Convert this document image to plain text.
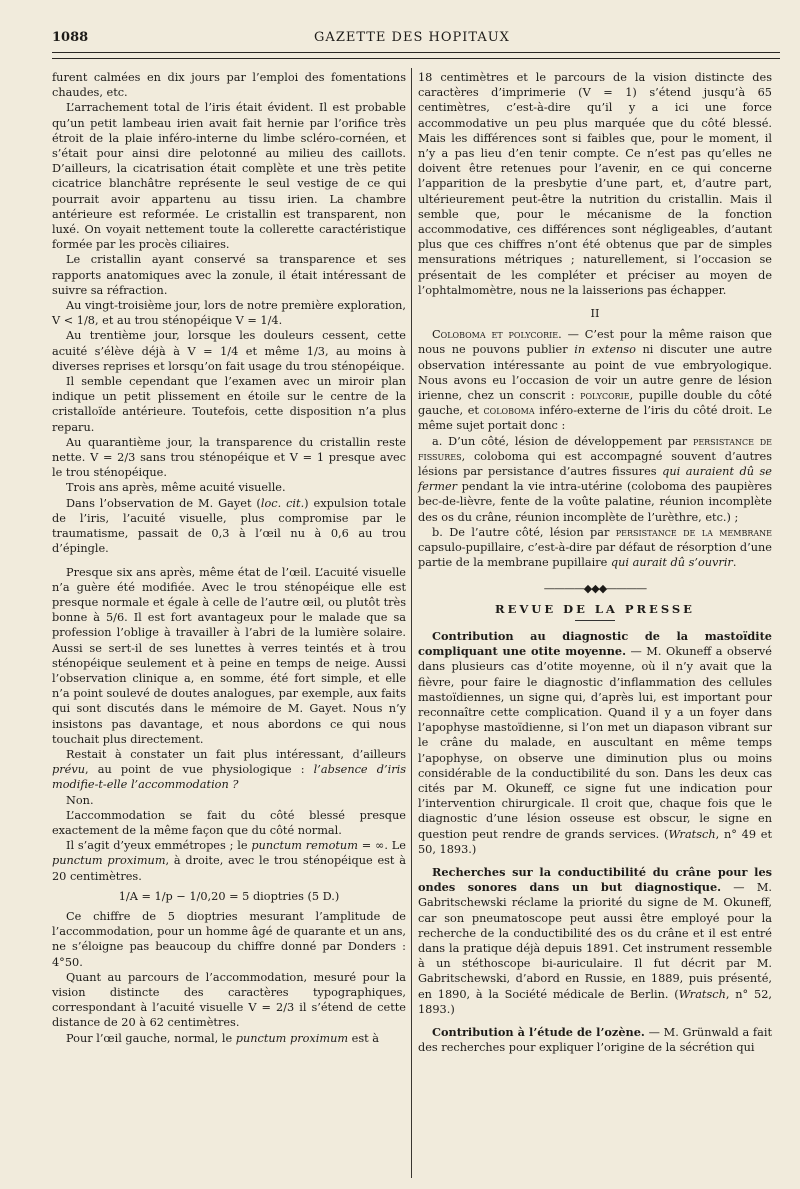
1088	GAZETTE DES HOPITAUX

furent calmées en dix jours par l’emploi des fomentations chaudes, etc.

L’arrachement total de l’iris était évident. Il est probable qu’un petit lambeau irien avait fait hernie par l’orifice très étroit de la plaie inféro-interne du limbe scléro-cornéen, et s’était pour ainsi dire pelotonné au milieu des caillots. D’ailleurs, la cicatrisation était complète et une très petite cicatrice blanchâtre représente le seul vestige de ce qui pourrait avoir appartenu au tissu irien. La chambre antérieure est reformée. Le cristallin est transparent, non luxé. On voyait nettement toute la collerette caractéristique formée par les procès ciliaires.

Le cristallin ayant conservé sa transparence et ses rapports anatomiques avec la zonule, il était intéressant de suivre sa réfraction.

Au vingt-troisième jour, lors de notre première exploration, V < 1/8, et au trou sténopéique V = 1/4.

Au trentième jour, lorsque les douleurs cessent, cette acuité s’élève déjà à V = 1/4 et même 1/3, au moins à diverses reprises et lorsqu’on fait usage du trou sténopéique.

Il semble cependant que l’examen avec un miroir plan indique un petit plissement en étoile sur le centre de la cristalloïde antérieure. Toutefois, cette disposition n’a plus reparu.

Au quarantième jour, la transparence du cristallin reste nette. V = 2/3 sans trou sténopéique et V = 1 presque avec le trou sténopéique.

Trois ans après, même acuité visuelle.

Dans l’observation de M. Gayet (loc. cit.) expulsion totale de l’iris, l’acuité visuelle, plus compromise par le traumatisme, passait de 0,3 à l’œil nu à 0,6 au trou d’épingle.

Presque six ans après, même état de l’œil. L’acuité visuelle n’a guère été modifiée. Avec le trou sténopéique elle est presque normale et égale à celle de l’autre œil, ou plutôt très bonne à 5/6. Il est fort avantageux pour le malade que sa profession l’oblige à travailler à l’abri de la lumière solaire. Aussi se sert-il de ses lunettes à verres teintés et à trou sténopéique seulement et à peine en temps de neige. Aussi l’observation clinique a, en somme, été fort simple, et elle n’a point soulevé de doutes analogues, par exemple, aux faits qui sont discutés dans le mémoire de M. Gayet. Nous n’y insistons pas davantage, et nous abordons ce qui nous touchait plus directement.

Restait à constater un fait plus intéressant, d’ailleurs prévu, au point de vue physiologique : l’absence d’iris modifie-t-elle l’accommodation ?

Non.

L’accommodation se fait du côté blessé presque exactement de la même façon que du côté normal.

Il s’agit d’yeux emmétropes ; le punctum remotum = ∞. Le punctum proximum, à droite, avec le trou sténopéique est à 20 centimètres.

1/A = 1/p − 1/0,20 = 5 dioptries (5 D.)

Ce chiffre de 5 dioptries mesurant l’amplitude de l’accommodation, pour un homme âgé de quarante et un ans, ne s’éloigne pas beaucoup du chiffre donné par Donders : 4°50.

Quant au parcours de l’accommodation, mesuré pour la vision distincte des caractères typographiques, correspondant à l’acuité visuelle V = 2/3 il s’étend de cette distance de 20 à 62 centimètres.

Pour l’œil gauche, normal, le punctum proximum est à

18 centimètres et le parcours de la vision distincte des caractères d’imprimerie (V = 1) s’étend jusqu’à 65 centimètres, c’est-à-dire qu’il y a ici une force accommodative un peu plus marquée que du côté blessé. Mais les différences sont si faibles que, pour le moment, il n’y a pas lieu d’en tenir compte. Ce n’est pas qu’elles ne doivent être retenues pour l’avenir, en ce qui concerne l’apparition de la presbytie d’une part, et, d’autre part, ultérieurement peut-être la nutrition du cristallin. Mais il semble que, pour le mécanisme de la fonction accommodative, ces différences sont négligeables, d’autant plus que ces chiffres n’ont été obtenus que par de simples mensurations métriques ; naturellement, si l’occasion se présentait de les compléter et préciser au moyen de l’ophtalmomètre, nous ne la laisserions pas échapper.

II

Coloboma et polycorie. — C’est pour la même raison que nous ne pouvons publier in extenso ni discuter une autre observation intéressante au point de vue embryologique. Nous avons eu l’occasion de voir un autre genre de lésion irienne, chez un conscrit : polycorie, pupille double du côté gauche, et coloboma inféro-externe de l’iris du côté droit. Le même sujet portait donc :

a. D’un côté, lésion de développement par persistance de fissures, coloboma qui est accompagné souvent d’autres lésions par persistance d’autres fissures qui auraient dû se fermer pendant la vie intra-utérine (coloboma des paupières bec-de-lièvre, fente de la voûte palatine, réunion incomplète des os du crâne, réunion incomplète de l’urèthre, etc.) ;

b. De l’autre côté, lésion par persistance de la membrane capsulo-pupillaire, c’est-à-dire par défaut de résorption d’une partie de la membrane pupillaire qui aurait dû s’ouvrir.

————◆◆◆————

REVUE DE LA PRESSE

Contribution au diagnostic de la mastoïdite compliquant une otite moyenne. — M. Okuneff a observé dans plusieurs cas d’otite moyenne, où il n’y avait que la fièvre, pour faire le diagnostic d’inflammation des cellules mastoïdiennes, un signe qui, d’après lui, est important pour reconnaître cette complication. Quand il y a un foyer dans l’apophyse mastoïdienne, si l’on met un diapason vibrant sur le crâne du malade, en auscultant en même temps l’apophyse, on observe une diminution plus ou moins considérable de la conductibilité du son. Dans les deux cas cités par M. Okuneff, ce signe fut une indication pour l’intervention chirurgicale. Il croit que, chaque fois que le diagnostic d’une lésion osseuse est obscur, le signe en question peut rendre de grands services. (Wratsch, n° 49 et 50, 1893.)

Recherches sur la conductibilité du crâne pour les ondes sonores dans un but diagnostique. — M. Gabritschewski réclame la priorité du signe de M. Okuneff, car son pneumatoscope peut aussi être employé pour la recherche de la conductibilité des os du crâne et il est entré dans la pratique déjà depuis 1891. Cet instrument ressemble à un stéthoscope bi-auriculaire. Il fut décrit par M. Gabritschewski, d’abord en Russie, en 1889, puis présenté, en 1890, à la Société médicale de Berlin. (Wratsch, n° 52, 1893.)

Contribution à l’étude de l’ozène. — M. Grünwald a fait des recherches pour expliquer l’origine de la sécrétion qui
